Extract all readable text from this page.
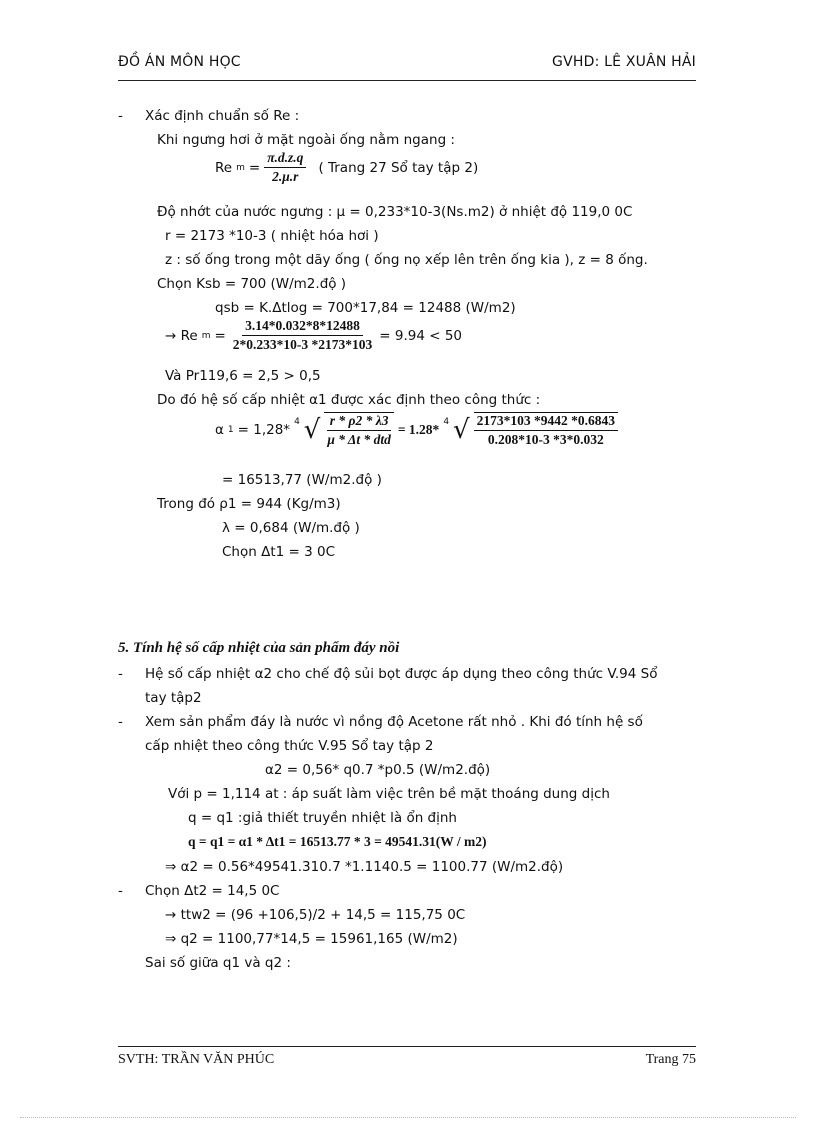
ĐỒ ÁN MÔN HỌC	GVHD: LÊ XUÂN HẢI
- Xác định chuẩn số Re :
Khi ngưng hơi ở mặt ngoài ống nằm ngang :
Re $m = \frac{\pi.d.z.q}{2.\mu.r}$ ( Trang 27 Sổ tay tập 2)
Độ nhớt của nước ngưng : μ = 0,233*10-3(Ns.m2) ở nhiệt độ 119,0 0C
r = 2173 *10-3 ( nhiệt hóa hơi )
z : số ống trong một dãy ống ( ống nọ xếp lên trên ống kia ), z = 8 ống.
Chọn Ksb = 700 (W/m2.độ )
qsb = K.Δtlog = 700*17,84 = 12488 (W/m2)
→ Re $m = \frac{3.14*0.032*8*12488}{2*0.233*10-3 *2173*103} = 9.94 < 50$
Và Pr119,6 = 2,5 > 0,5
Do đó hệ số cấp nhiệt α1 được xác định theo công thức :
α 1 = 1,28* 4 √ $\frac{r * \rho 2 * \lambda 3}{\text{μ * Δt * dtd}} = 1.28*$ 4 √ $\frac{2173*103 *9442 *0.6843}{0.208*10-3 *3*0.032}$
= 16513,77 (W/m2.độ )
Trong đó ρ1 = 944 (Kg/m3)
λ = 0,684 (W/m.độ )
Chọn Δt1 = 3 0C
5. Tính hệ số cấp nhiệt của sản phẩm đáy nồi
- Hệ số cấp nhiệt α2 cho chế độ sủi bọt được áp dụng theo công thức V.94 Sổ
tay tập2
- Xem sản phẩm đáy là nước vì nồng độ Acetone rất nhỏ . Khi đó tính hệ số
cấp nhiệt theo công thức V.95 Sổ tay tập 2
α2 = 0,56* q0.7 *p0.5 (W/m2.độ)
Với p = 1,114 at : áp suất làm việc trên bề mặt thoáng dung dịch
q = q1 :giả thiết truyền nhiệt là ổn định
q = q1 = α1 * Δt1 = 16513.77 * 3 = 49541.31(W / m2)
⇒ α2 = 0.56*49541.310.7 *1.1140.5 = 1100.77 (W/m2.độ)
- Chọn Δt2 = 14,5 0C
→ ttw2 = (96 +106,5)/2 + 14,5 = 115,75 0C
⇒ q2 = 1100,77*14,5 = 15961,165 (W/m2)
Sai số giữa q1 và q2 :
SVTH: TRẦN VĂN PHÚC	Trang 75
